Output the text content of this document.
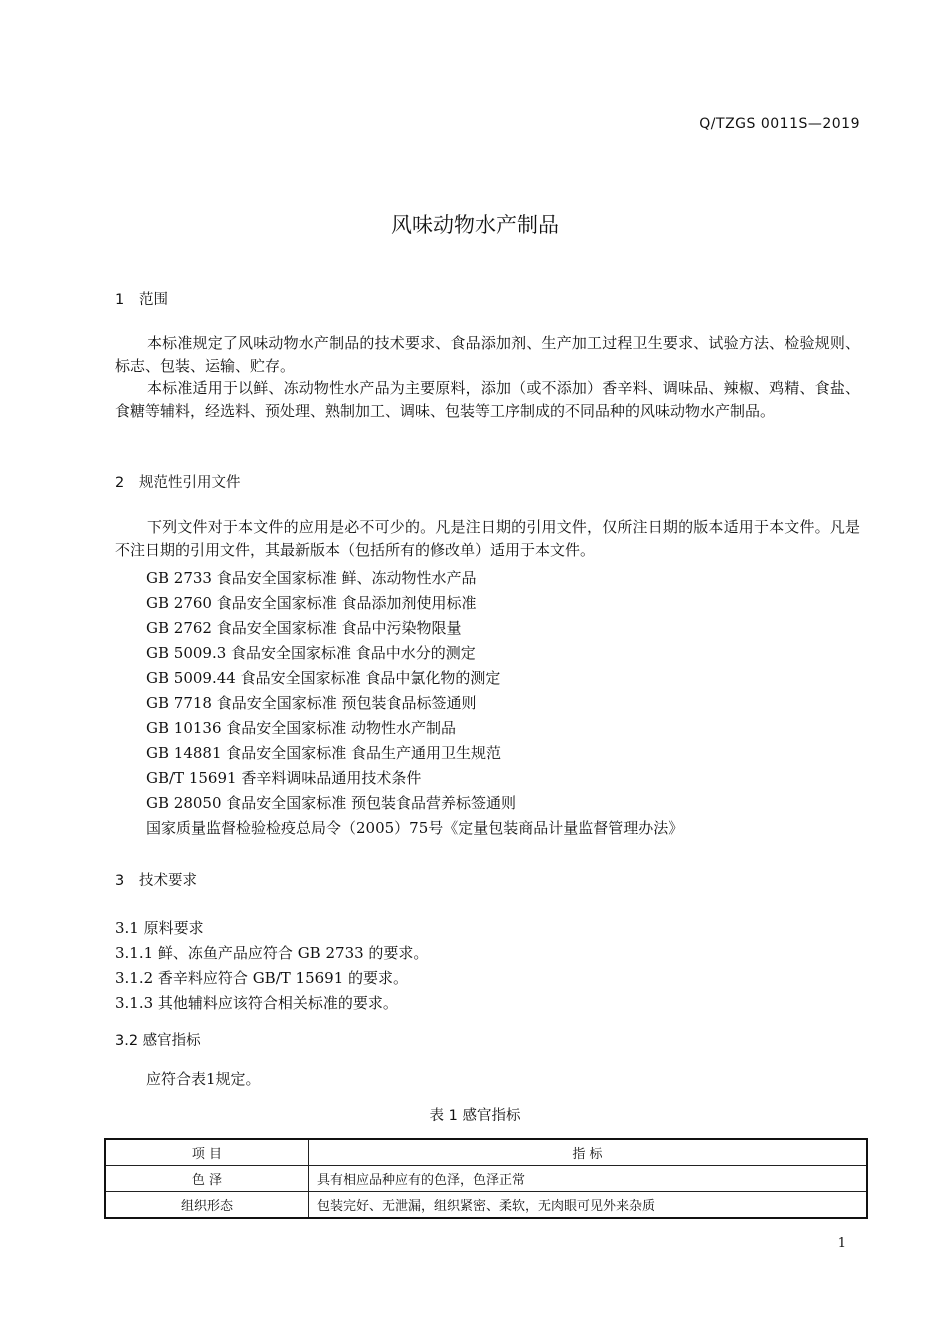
Q/TZGS 0011S—2019
风味动物水产制品
1 范围
本标准规定了风味动物水产制品的技术要求、食品添加剂、生产加工过程卫生要求、试验方法、检验规则、标志、包装、运输、贮存。
本标准适用于以鲜、冻动物性水产品为主要原料，添加（或不添加）香辛料、调味品、辣椒、鸡精、食盐、食糖等辅料，经选料、预处理、熟制加工、调味、包装等工序制成的不同品种的风味动物水产制品。
2 规范性引用文件
下列文件对于本文件的应用是必不可少的。凡是注日期的引用文件，仅所注日期的版本适用于本文件。凡是不注日期的引用文件，其最新版本（包括所有的修改单）适用于本文件。
GB 2733 食品安全国家标准 鲜、冻动物性水产品
GB 2760 食品安全国家标准 食品添加剂使用标准
GB 2762 食品安全国家标准 食品中污染物限量
GB 5009.3 食品安全国家标准 食品中水分的测定
GB 5009.44 食品安全国家标准 食品中氯化物的测定
GB 7718 食品安全国家标准 预包装食品标签通则
GB 10136 食品安全国家标准 动物性水产制品
GB 14881 食品安全国家标准 食品生产通用卫生规范
GB/T 15691 香辛料调味品通用技术条件
GB 28050 食品安全国家标准 预包装食品营养标签通则
国家质量监督检验检疫总局令（2005）75号《定量包装商品计量监督管理办法》
3 技术要求
3.1 原料要求
3.1.1 鲜、冻鱼产品应符合 GB 2733 的要求。
3.1.2 香辛料应符合 GB/T 15691 的要求。
3.1.3 其他辅料应该符合相关标准的要求。
3.2 感官指标
应符合表1规定。
表 1 感官指标
项 目	指 标
色 泽	具有相应品种应有的色泽，色泽正常
组织形态	包装完好、无泄漏，组织紧密、柔软，无肉眼可见外来杂质
1
